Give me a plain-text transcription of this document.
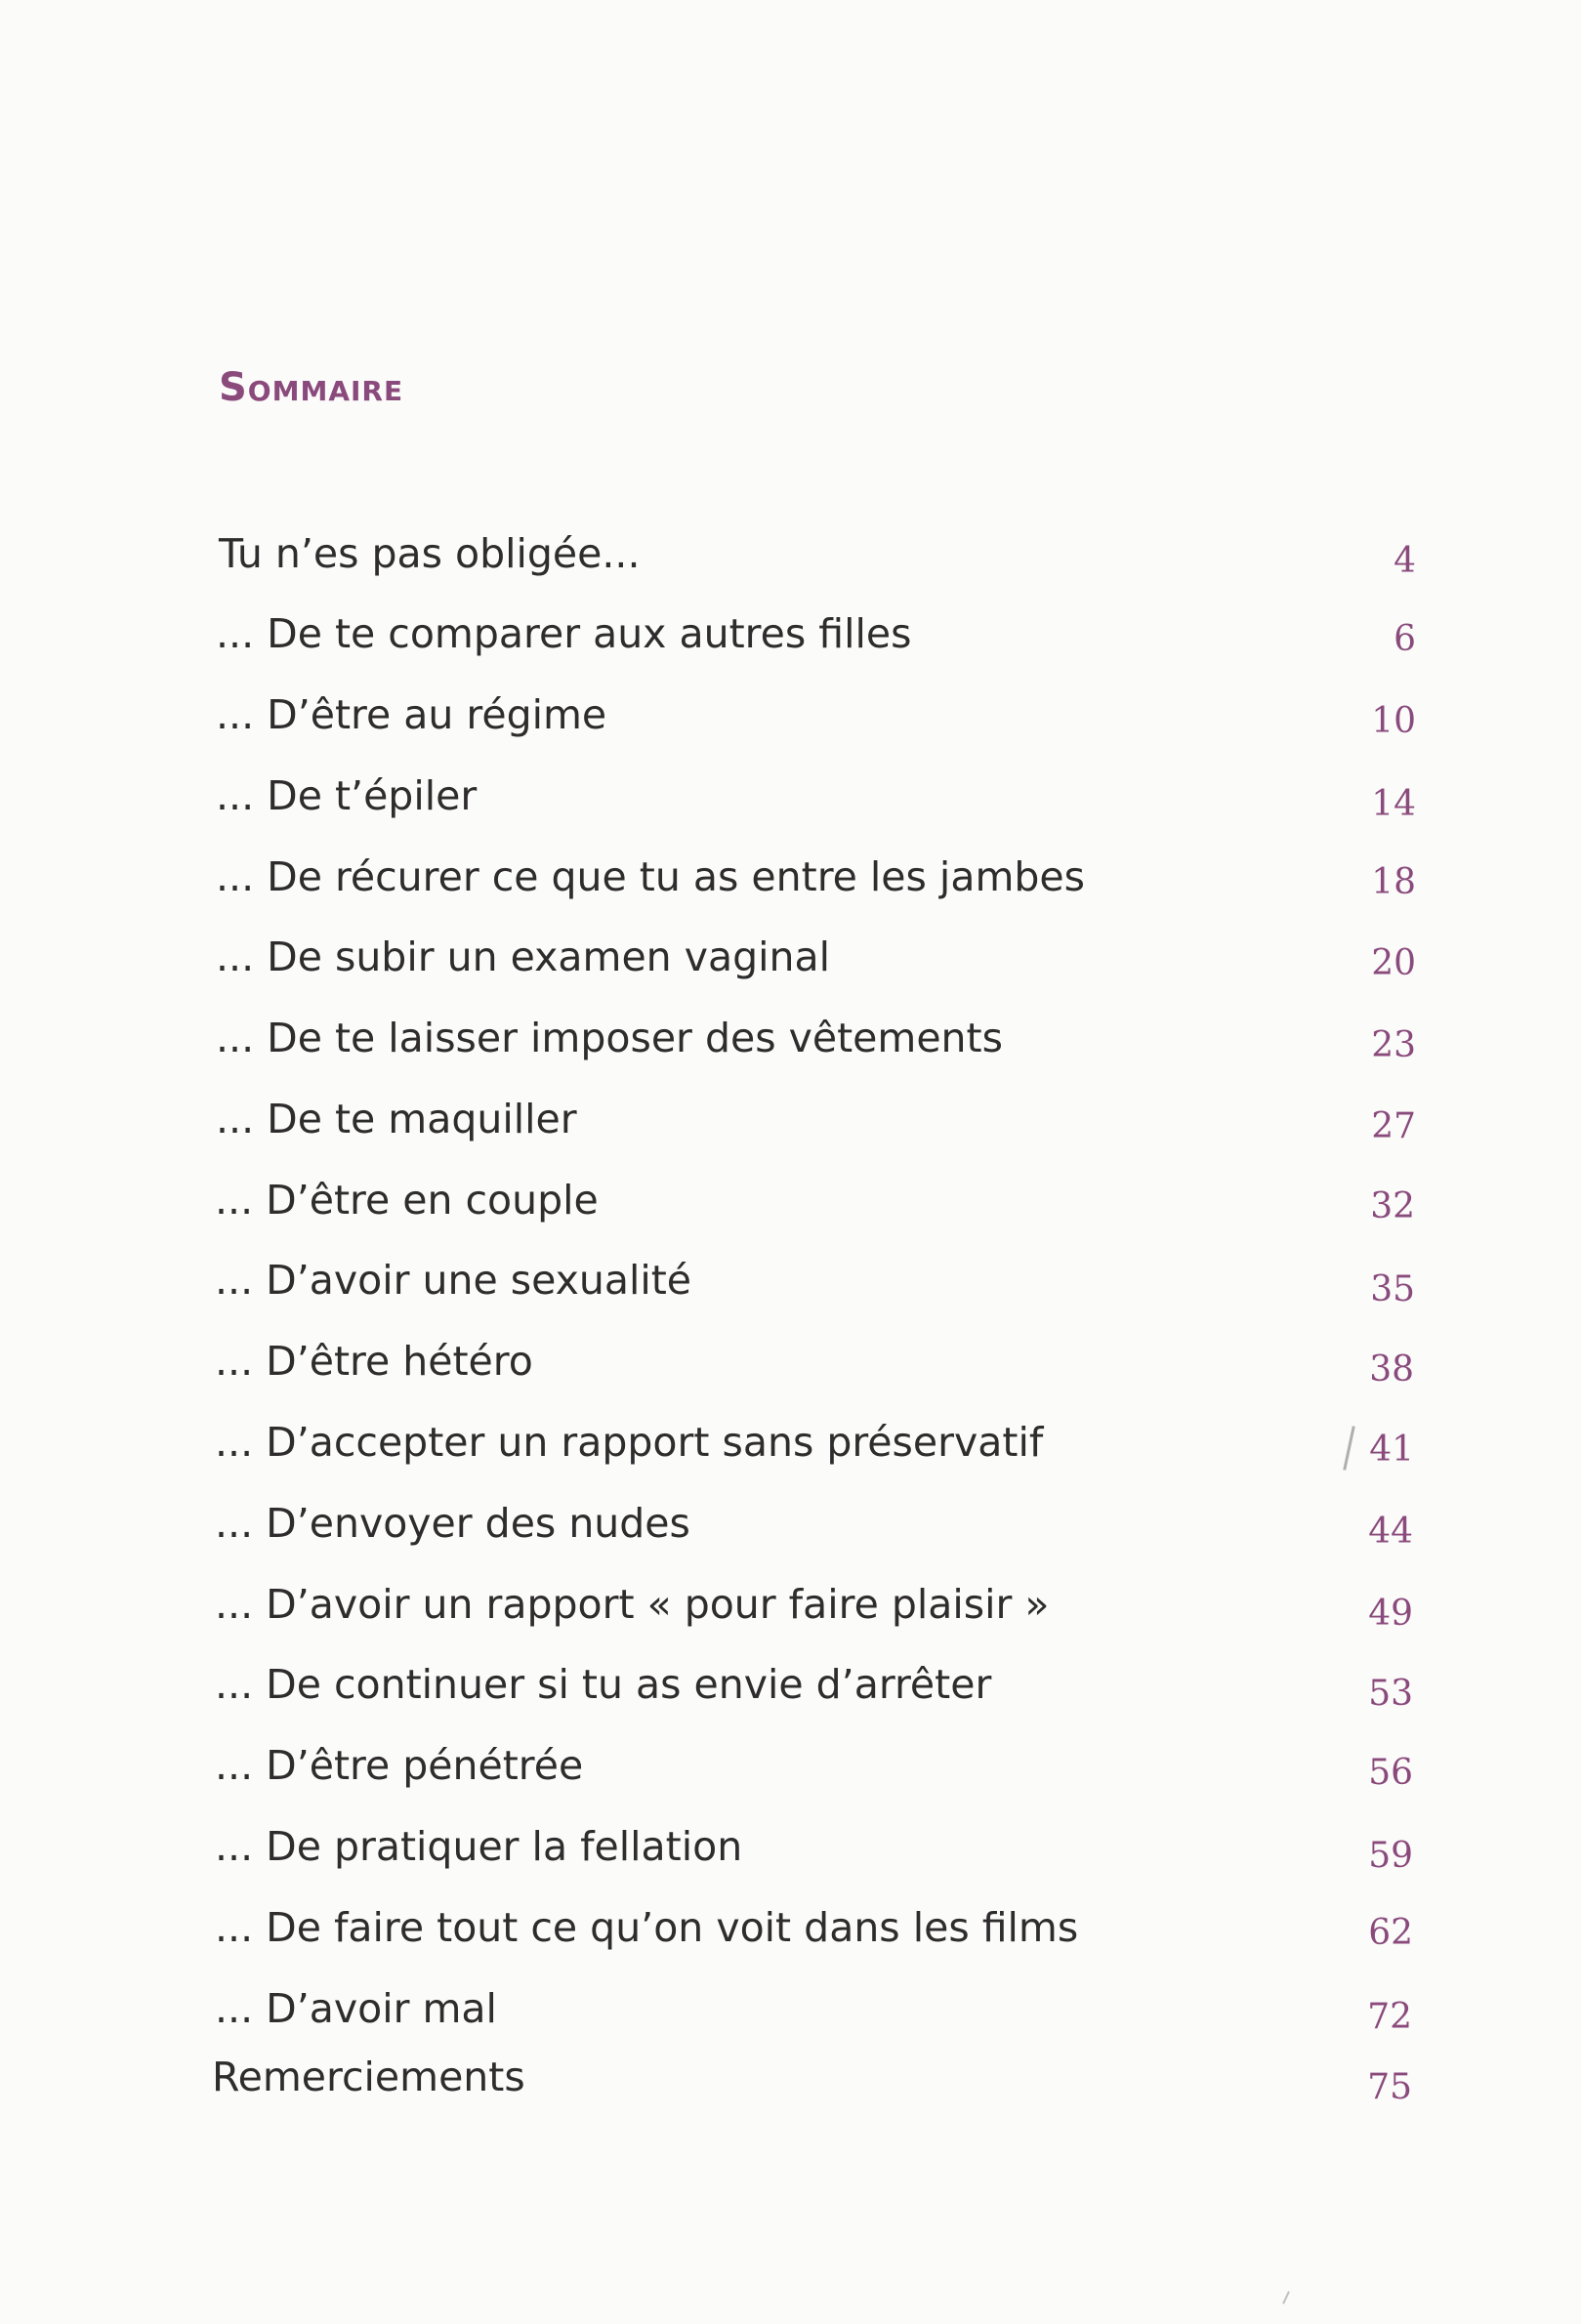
Sommaire
Tu n’es pas obligée...	4
... De te comparer aux autres filles	6
... D’être au régime	10
... De t’épiler	14
... De récurer ce que tu as entre les jambes	18
... De subir un examen vaginal	20
... De te laisser imposer des vêtements	23
... De te maquiller	27
... D’être en couple	32
... D’avoir une sexualité	35
... D’être hétéro	38
... D’accepter un rapport sans préservatif	41
... D’envoyer des nudes	44
... D’avoir un rapport « pour faire plaisir »	49
... De continuer si tu as envie d’arrêter	53
... D’être pénétrée	56
... De pratiquer la fellation	59
... De faire tout ce qu’on voit dans les films	62
... D’avoir mal	72
Remerciements	75
